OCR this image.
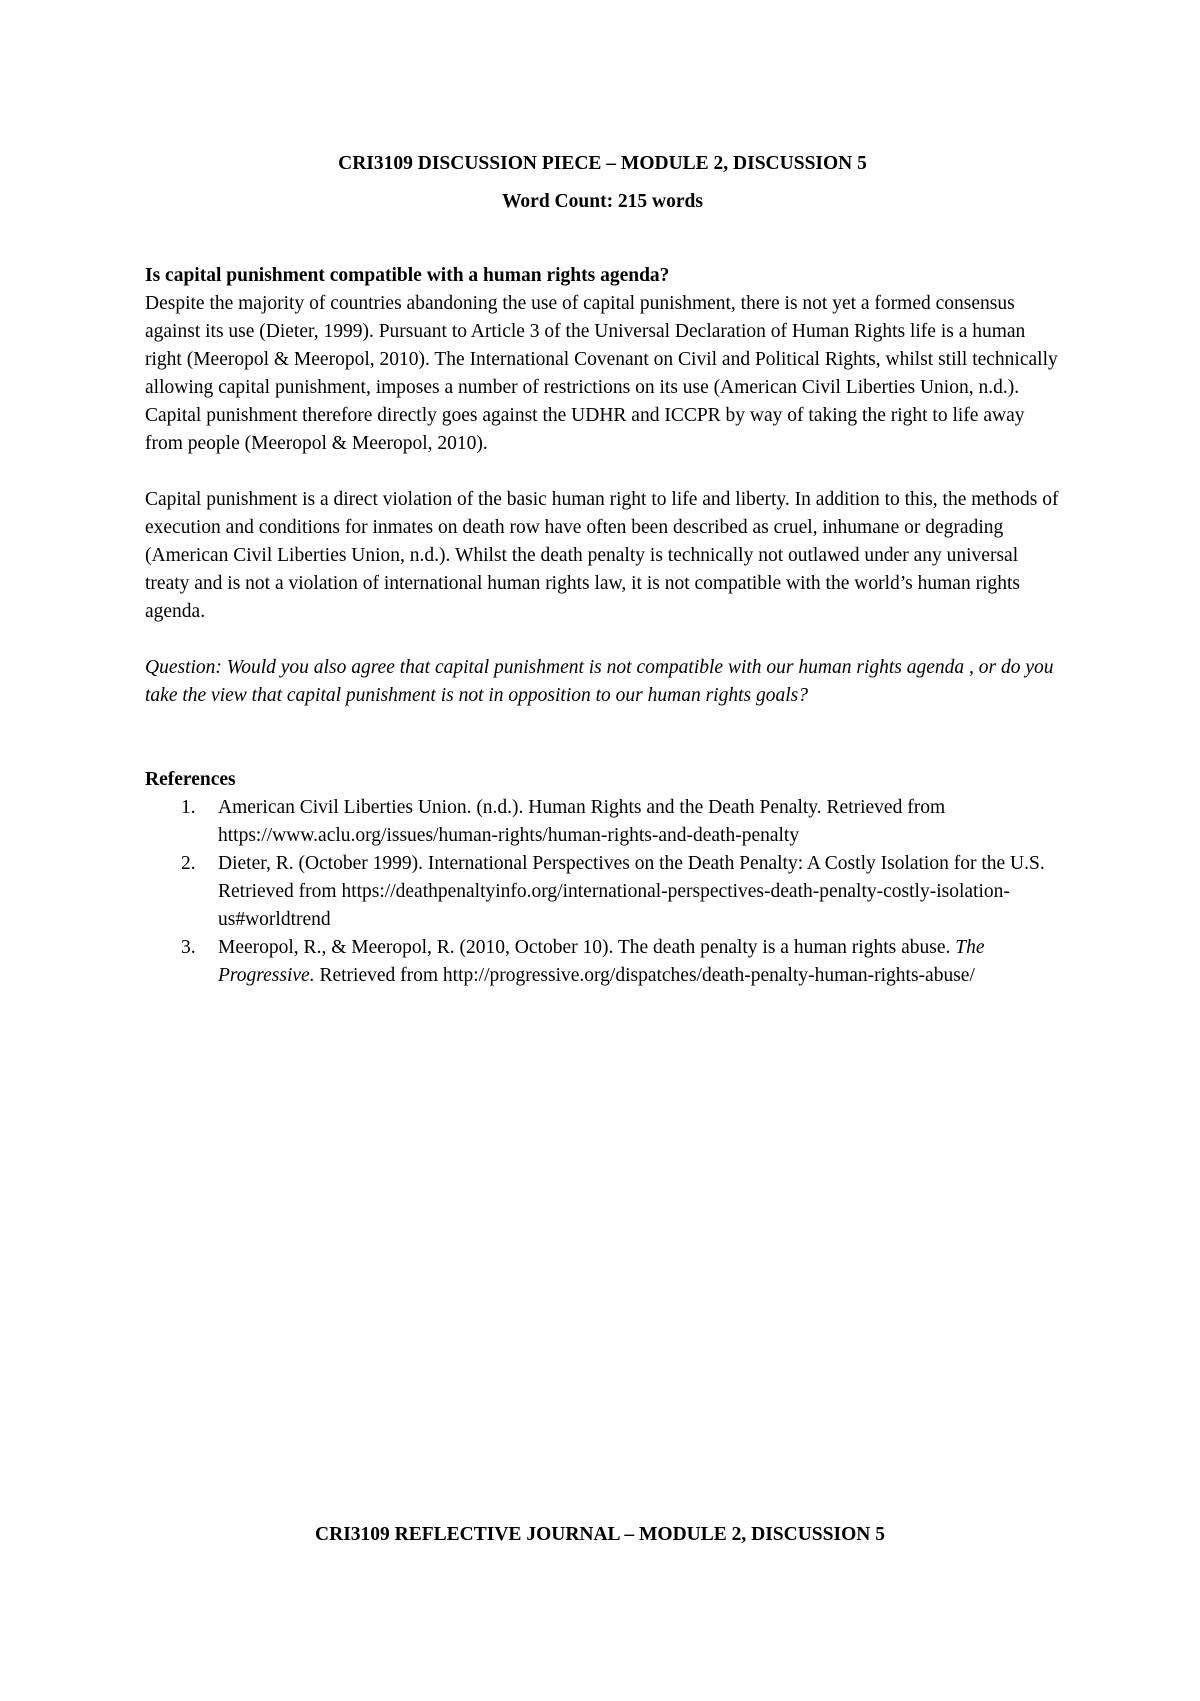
CRI3109 DISCUSSION PIECE – MODULE 2, DISCUSSION 5

Word Count: 215 words

Is capital punishment compatible with a human rights agenda?

Despite the majority of countries abandoning the use of capital punishment, there is not yet a formed consensus against its use (Dieter, 1999). Pursuant to Article 3 of the Universal Declaration of Human Rights life is a human right (Meeropol & Meeropol, 2010). The International Covenant on Civil and Political Rights, whilst still technically allowing capital punishment, imposes a number of restrictions on its use (American Civil Liberties Union, n.d.). Capital punishment therefore directly goes against the UDHR and ICCPR by way of taking the right to life away from people (Meeropol & Meeropol, 2010).

Capital punishment is a direct violation of the basic human right to life and liberty. In addition to this, the methods of execution and conditions for inmates on death row have often been described as cruel, inhumane or degrading (American Civil Liberties Union, n.d.). Whilst the death penalty is technically not outlawed under any universal treaty and is not a violation of international human rights law, it is not compatible with the world’s human rights agenda.

Question: Would you also agree that capital punishment is not compatible with our human rights agenda , or do you take the view that capital punishment is not in opposition to our human rights goals?

References

1. American Civil Liberties Union. (n.d.). Human Rights and the Death Penalty. Retrieved from https://www.aclu.org/issues/human-rights/human-rights-and-death-penalty
2. Dieter, R. (October 1999). International Perspectives on the Death Penalty: A Costly Isolation for the U.S. Retrieved from https://deathpenaltyinfo.org/international-perspectives-death-penalty-costly-isolation-us#worldtrend
3. Meeropol, R., & Meeropol, R. (2010, October 10). The death penalty is a human rights abuse. The Progressive. Retrieved from http://progressive.org/dispatches/death-penalty-human-rights-abuse/
CRI3109 REFLECTIVE JOURNAL – MODULE 2, DISCUSSION 5
